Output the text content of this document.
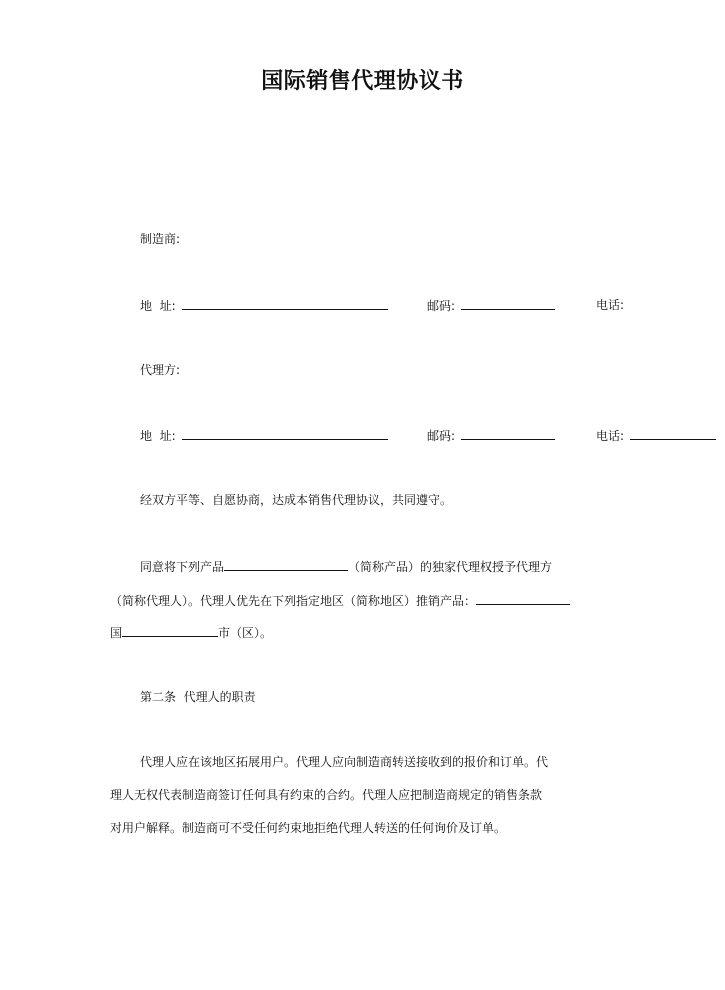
国际销售代理协议书
制造商:
地  址:	邮码:	电话:
代理方:
地  址:	邮码:	电话:
经双方平等、自愿协商，达成本销售代理协议，共同遵守。
同意将下列产品	（简称产品）的独家代理权授予代理方
（简称代理人）。代理人优先在下列指定地区（简称地区）推销产品：
国	市（区）。
第二条  代理人的职责
代理人应在该地区拓展用户。代理人应向制造商转送接收到的报价和订单。代
理人无权代表制造商签订任何具有约束的合约。代理人应把制造商规定的销售条款
对用户解释。制造商可不受任何约束地拒绝代理人转送的任何询价及订单。
